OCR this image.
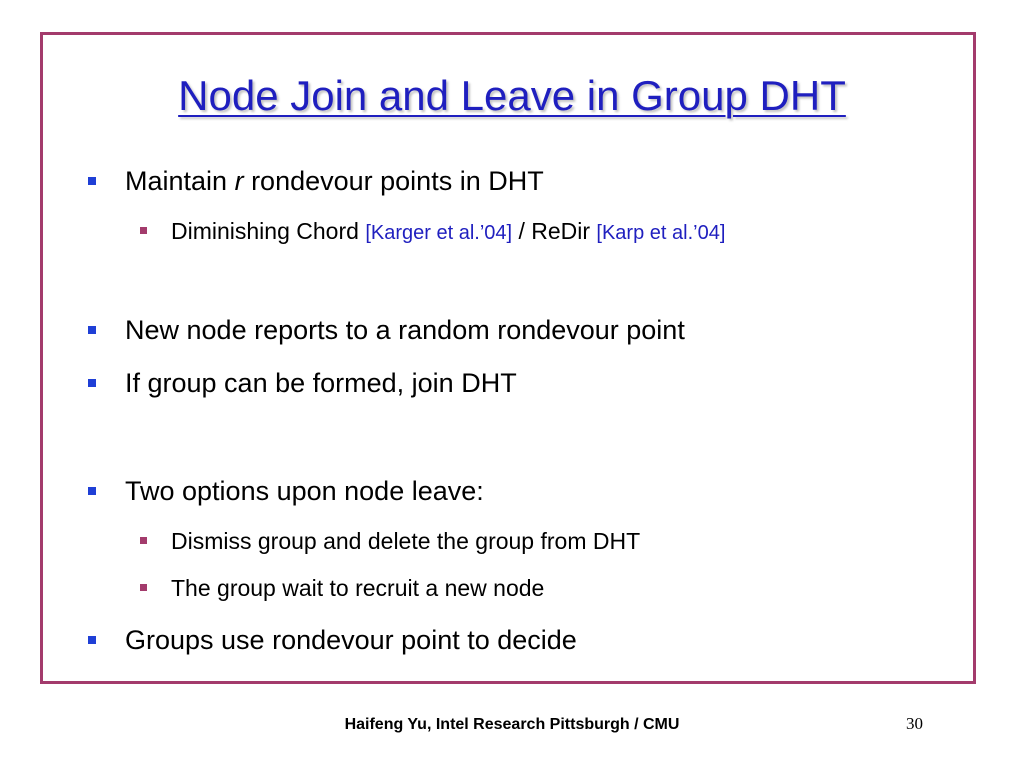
Node Join and Leave in Group DHT
Maintain r rondevour points in DHT
Diminishing Chord [Karger et al.’04] / ReDir [Karp et al.’04]
New node reports to a random rondevour point
If group can be formed, join DHT
Two options upon node leave:
Dismiss group and delete the group from DHT
The group wait to recruit a new node
Groups use rondevour point to decide
Haifeng Yu, Intel Research Pittsburgh / CMU	30
